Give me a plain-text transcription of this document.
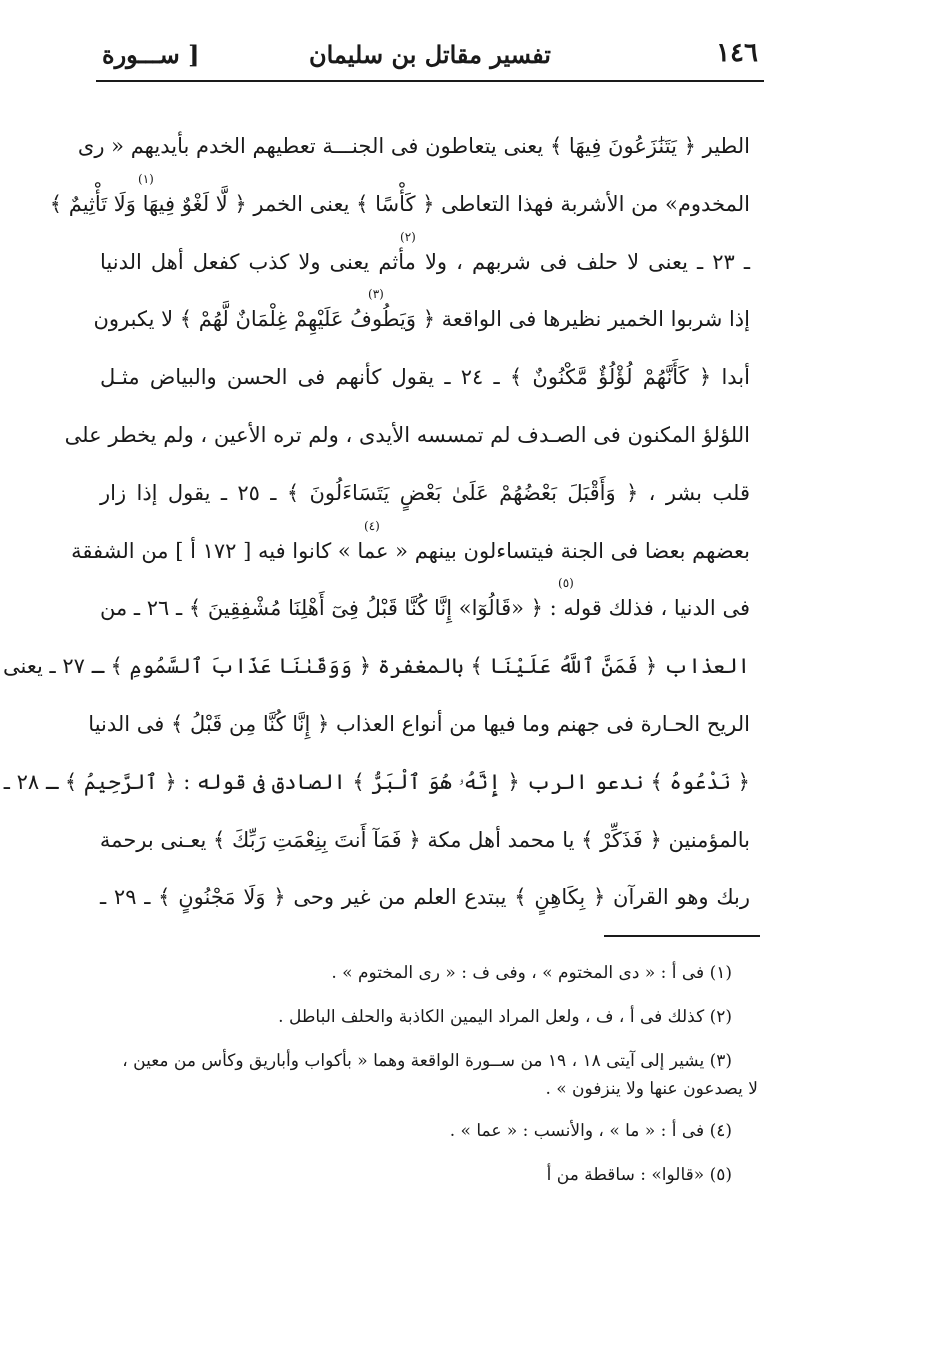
١٤٦
تفسير مقاتل بن سليمان
[ ســـورة
الطير ﴿ يَتَنَٰزَعُونَ فِيهَا ﴾ يعنى يتعاطون فى الجنـــة تعطيهم الخدم بأيديهم « رى
(١)
المخدوم» من الأشربة فهذا التعاطى ﴿ كَأْسًا ﴾ يعنى الخمر ﴿ لَّا لَغْوٌ فِيهَا وَلَا تَأْثِيمٌ ﴾
(٢)
ـ ٢٣ ـ يعنى لا حلف فى شربهم ، ولا مأثم يعنى ولا كذب كفعل أهل الدنيا
(٣)
إذا شربوا الخمير نظيرها فى الواقعة ﴿ وَيَطُوفُ عَلَيْهِمْ غِلْمَانٌ لَّهُمْ ﴾ لا يكبرون
أبدا ﴿ كَأَنَّهُمْ لُؤْلُؤٌ مَّكْنُونٌ ﴾ ـ ٢٤ ـ يقول كأنهم فى الحسن والبياض مثـل
اللؤلؤ المكنون فى الصـدف لم تمسسه الأيدى ، ولم تره الأعين ، ولم يخطر على
قلب بشر ، ﴿ وَأَقْبَلَ بَعْضُهُمْ عَلَىٰ بَعْضٍ يَتَسَاءَلُونَ ﴾ ـ ٢٥ ـ يقول إذا زار
(٤)
بعضهم بعضا فى الجنة فيتساءلون بينهم « عما » كانوا فيه [ ١٧٢ أ ] من الشفقة
(٥)
فى الدنيا ، فذلك قوله : ﴿ «قَالُوٓا» إِنَّا كُنَّا قَبْلُ فِىٓ أَهْلِنَا مُشْفِقِينَ ﴾ ـ ٢٦ ـ من
العذاب ﴿ فَمَنَّ ٱللَّهُ عَلَيْنَا ﴾ بالمغفرة ﴿ وَوَقَىٰنَا عَذَابَ ٱلسَّمُومِ ﴾ ـ ٢٧ ـ يعنى
الريح الحـارة فى جهنم وما فيها من أنواع العذاب ﴿ إِنَّا كُنَّا مِن قَبْلُ ﴾ فى الدنيا
﴿ نَدْعُوهُ ﴾ ندعو الرب ﴿ إِنَّهُۥ هُوَ ٱلْبَرُّ ﴾ الصادق فى قوله : ﴿ ٱلرَّحِيمُ ﴾ ـ ٢٨ ـ
بالمؤمنين ﴿ فَذَكِّرْ ﴾ يا محمد أهل مكة ﴿ فَمَآ أَنتَ بِنِعْمَتِ رَبِّكَ ﴾ يعـنى برحمة
ربك وهو القرآن ﴿ بِكَاهِنٍ ﴾ يبتدع العلم من غير وحى ﴿ وَلَا مَجْنُونٍ ﴾ ـ ٢٩ ـ
(١) فى أ : « دى المختوم » ، وفى ف : « رى المختوم » .
(٢) كذلك فى أ ، ف ، ولعل المراد اليمين الكاذبة والحلف الباطل .
(٣) يشير إلى آيتى ١٨ ، ١٩ من ســورة الواقعة وهما « بأكواب وأباريق وكأس من معين ،
لا يصدعون عنها ولا ينزفون » .
(٤) فى أ : « ما » ، والأنسب : « عما » .
(٥) «قالوا» : ساقطة من أ
